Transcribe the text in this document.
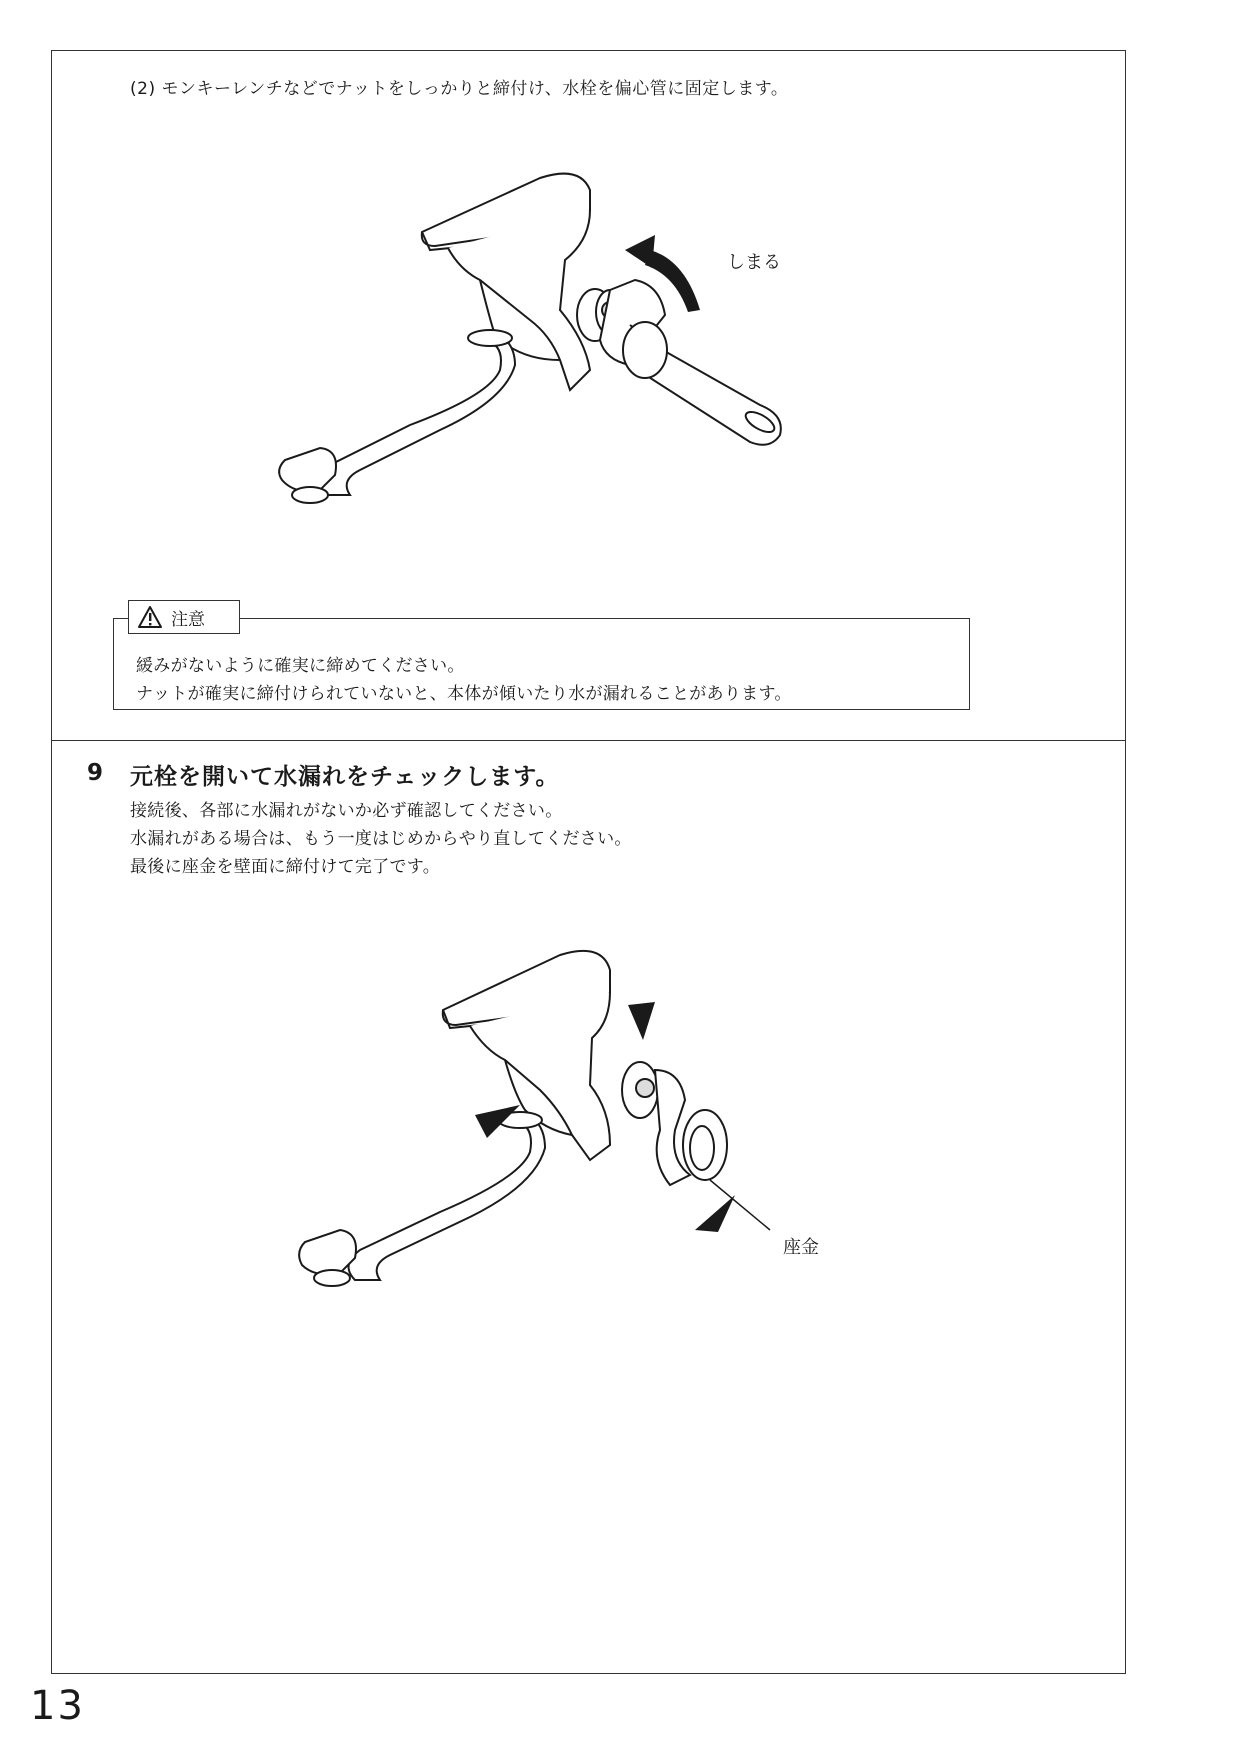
(2) モンキーレンチなどでナットをしっかりと締付け、水栓を偏心管に固定します。
しまる
注意
緩みがないように確実に締めてください。
ナットが確実に締付けられていないと、本体が傾いたり水が漏れることがあります。
9 元栓を開いて水漏れをチェックします。
接続後、各部に水漏れがないか必ず確認してください。
水漏れがある場合は、もう一度はじめからやり直してください。
最後に座金を壁面に締付けて完了です。
座金
13
